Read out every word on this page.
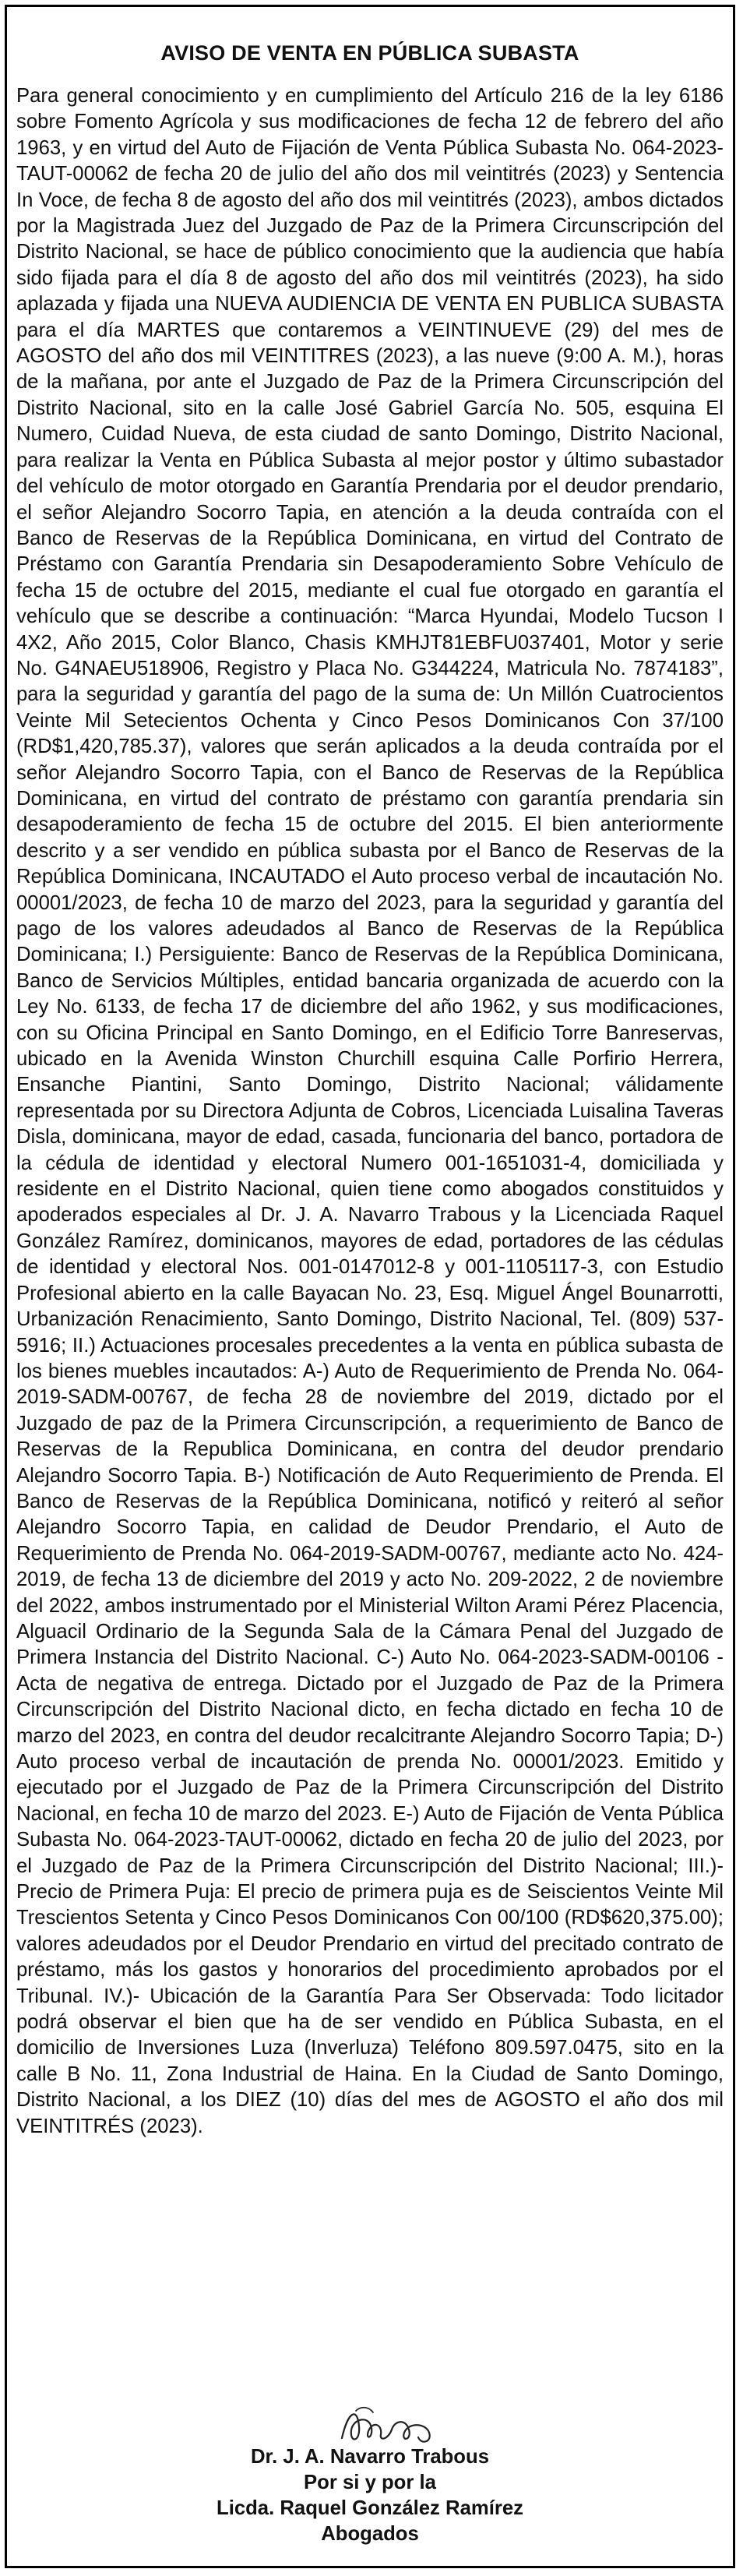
AVISO DE VENTA EN PÚBLICA SUBASTA

Para general conocimiento y en cumplimiento del Artículo 216 de la ley 6186 sobre Fomento Agrícola y sus modificaciones de fecha 12 de febrero del año 1963, y en virtud del Auto de Fijación de Venta Pública Subasta No. 064-2023-TAUT-00062 de fecha 20 de julio del año dos mil veintitrés (2023) y Sentencia In Voce, de fecha 8 de agosto del año dos mil veintitrés (2023), ambos dictados por la Magistrada Juez del Juzgado de Paz de la Primera Circunscripción del Distrito Nacional, se hace de público conocimiento que la audiencia que había sido fijada para el día 8 de agosto del año dos mil veintitrés (2023), ha sido aplazada y fijada una NUEVA AUDIENCIA DE VENTA EN PUBLICA SUBASTA para el día MARTES que contaremos a VEINTINUEVE (29) del mes de AGOSTO del año dos mil VEINTITRES (2023), a las nueve (9:00 A. M.), horas de la mañana, por ante el Juzgado de Paz de la Primera Circunscripción del Distrito Nacional, sito en la calle José Gabriel García No. 505, esquina El Numero, Cuidad Nueva, de esta ciudad de santo Domingo, Distrito Nacional, para realizar la Venta en Pública Subasta al mejor postor y último subastador del vehículo de motor otorgado en Garantía Prendaria por el deudor prendario, el señor Alejandro Socorro Tapia, en atención a la deuda contraída con el Banco de Reservas de la República Dominicana, en virtud del Contrato de Préstamo con Garantía Prendaria sin Desapoderamiento Sobre Vehículo de fecha 15 de octubre del 2015, mediante el cual fue otorgado en garantía el vehículo que se describe a continuación: “Marca Hyundai, Modelo Tucson I 4X2, Año 2015, Color Blanco, Chasis KMHJT81EBFU037401, Motor y serie No. G4NAEU518906, Registro y Placa No. G344224, Matricula No. 7874183”, para la seguridad y garantía del pago de la suma de: Un Millón Cuatrocientos Veinte Mil Setecientos Ochenta y Cinco Pesos Dominicanos Con 37/100 (RD$1,420,785.37), valores que serán aplicados a la deuda contraída por el señor Alejandro Socorro Tapia, con el Banco de Reservas de la República Dominicana, en virtud del contrato de préstamo con garantía prendaria sin desapoderamiento de fecha 15 de octubre del 2015. El bien anteriormente descrito y a ser vendido en pública subasta por el Banco de Reservas de la República Dominicana, INCAUTADO el Auto proceso verbal de incautación No. 00001/2023, de fecha 10 de marzo del 2023, para la seguridad y garantía del pago de los valores adeudados al Banco de Reservas de la República Dominicana; I.) Persiguiente: Banco de Reservas de la República Dominicana, Banco de Servicios Múltiples, entidad bancaria organizada de acuerdo con la Ley No. 6133, de fecha 17 de diciembre del año 1962, y sus modificaciones, con su Oficina Principal en Santo Domingo, en el Edificio Torre Banreservas, ubicado en la Avenida Winston Churchill esquina Calle Porfirio Herrera, Ensanche Piantini, Santo Domingo, Distrito Nacional; válidamente representada por su Directora Adjunta de Cobros, Licenciada Luisalina Taveras Disla, dominicana, mayor de edad, casada, funcionaria del banco, portadora de la cédula de identidad y electoral Numero 001-1651031-4, domiciliada y residente en el Distrito Nacional, quien tiene como abogados constituidos y apoderados especiales al Dr. J. A. Navarro Trabous y la Licenciada Raquel González Ramírez, dominicanos, mayores de edad, portadores de las cédulas de identidad y electoral Nos. 001-0147012-8 y 001-1105117-3, con Estudio Profesional abierto en la calle Bayacan No. 23, Esq. Miguel Ángel Bounarrotti, Urbanización Renacimiento, Santo Domingo, Distrito Nacional, Tel. (809) 537-5916; II.) Actuaciones procesales precedentes a la venta en pública subasta de los bienes muebles incautados: A-) Auto de Requerimiento de Prenda No. 064-2019-SADM-00767, de fecha 28 de noviembre del 2019, dictado por el Juzgado de paz de la Primera Circunscripción, a requerimiento de Banco de Reservas de la Republica Dominicana, en contra del deudor prendario Alejandro Socorro Tapia. B-) Notificación de Auto Requerimiento de Prenda. El Banco de Reservas de la República Dominicana, notificó y reiteró al señor Alejandro Socorro Tapia, en calidad de Deudor Prendario, el Auto de Requerimiento de Prenda No. 064-2019-SADM-00767, mediante acto No. 424-2019, de fecha 13 de diciembre del 2019 y acto No. 209-2022, 2 de noviembre del 2022, ambos instrumentado por el Ministerial Wilton Arami Pérez Placencia, Alguacil Ordinario de la Segunda Sala de la Cámara Penal del Juzgado de Primera Instancia del Distrito Nacional. C-) Auto No. 064-2023-SADM-00106 - Acta de negativa de entrega. Dictado por el Juzgado de Paz de la Primera Circunscripción del Distrito Nacional dicto, en fecha dictado en fecha 10 de marzo del 2023, en contra del deudor recalcitrante Alejandro Socorro Tapia; D-) Auto proceso verbal de incautación de prenda No. 00001/2023. Emitido y ejecutado por el Juzgado de Paz de la Primera Circunscripción del Distrito Nacional, en fecha 10 de marzo del 2023. E-) Auto de Fijación de Venta Pública Subasta No. 064-2023-TAUT-00062, dictado en fecha 20 de julio del 2023, por el Juzgado de Paz de la Primera Circunscripción del Distrito Nacional; III.)- Precio de Primera Puja: El precio de primera puja es de Seiscientos Veinte Mil Trescientos Setenta y Cinco Pesos Dominicanos Con 00/100 (RD$620,375.00); valores adeudados por el Deudor Prendario en virtud del precitado contrato de préstamo, más los gastos y honorarios del procedimiento aprobados por el Tribunal. IV.)- Ubicación de la Garantía Para Ser Observada: Todo licitador podrá observar el bien que ha de ser vendido en Pública Subasta, en el domicilio de Inversiones Luza (Inverluza) Teléfono 809.597.0475, sito en la calle B No. 11, Zona Industrial de Haina. En la Ciudad de Santo Domingo, Distrito Nacional, a los DIEZ (10) días del mes de AGOSTO el año dos mil VEINTITRÉS (2023).

Dr. J. A. Navarro Trabous
Por si y por la
Licda. Raquel González Ramírez
Abogados
